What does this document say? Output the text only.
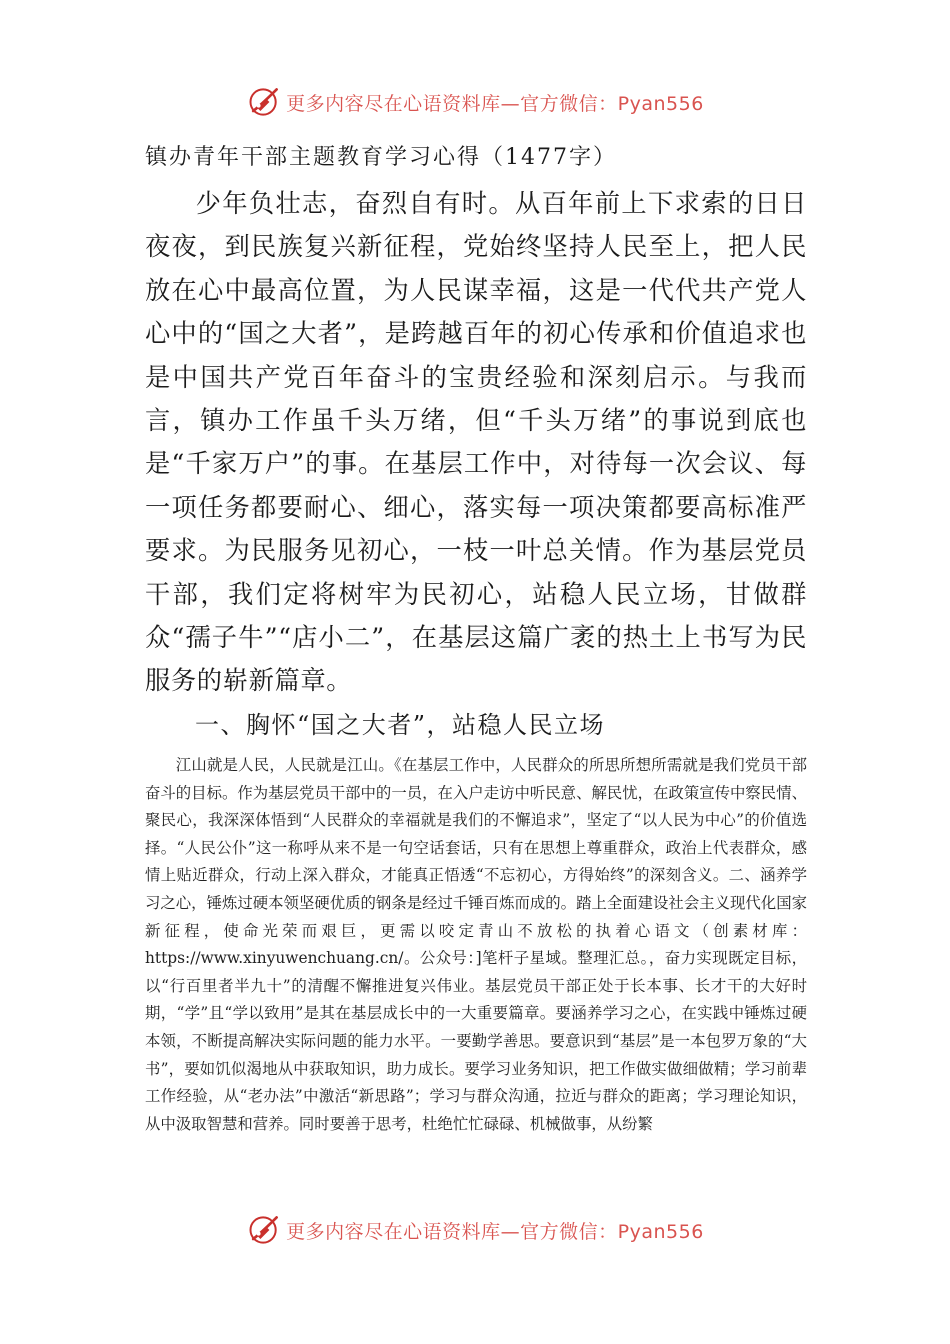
更多内容尽在心语资料库—官方微信：Pyan556
镇办青年干部主题教育学习心得（1477字）

少年负壮志，奋烈自有时。从百年前上下求索的日日夜夜，到民族复兴新征程，党始终坚持人民至上，把人民放在心中最高位置，为人民谋幸福，这是一代代共产党人心中的“国之大者”，是跨越百年的初心传承和价值追求也是中国共产党百年奋斗的宝贵经验和深刻启示。与我而言，镇办工作虽千头万绪，但“千头万绪”的事说到底也是“千家万户”的事。在基层工作中，对待每一次会议、每一项任务都要耐心、细心，落实每一项决策都要高标准严要求。为民服务见初心，一枝一叶总关情。作为基层党员干部，我们定将树牢为民初心，站稳人民立场，甘做群众“孺子牛”“店小二”，在基层这篇广袤的热土上书写为民服务的崭新篇章。

一、胸怀“国之大者”，站稳人民立场

江山就是人民，人民就是江山。《在基层工作中，人民群众的所思所想所需就是我们党员干部奋斗的目标。作为基层党员干部中的一员，在入户走访中听民意、解民忧，在政策宣传中察民情、聚民心，我深深体悟到“人民群众的幸福就是我们的不懈追求”，坚定了“以人民为中心”的价值选择。“人民公仆”这一称呼从来不是一句空话套话，只有在思想上尊重群众，政治上代表群众，感情上贴近群众，行动上深入群众，才能真正悟透“不忘初心，方得始终”的深刻含义。二、涵养学习之心，锤炼过硬本领坚硬优质的钢条是经过千锤百炼而成的。踏上全面建设社会主义现代化国家新征程，使命光荣而艰巨，更需以咬定青山不放松的执着心语文（创素材库：https://www.xinyuwenchuang.cn/。公众号：]笔杆子星域。整理汇总。，奋力实现既定目标，以“行百里者半九十”的清醒不懈推进复兴伟业。基层党员干部正处于长本事、长才干的大好时期，“学”且“学以致用”是其在基层成长中的一大重要篇章。要涵养学习之心，在实践中锤炼过硬本领，不断提高解决实际问题的能力水平。一要勤学善思。要意识到“基层”是一本包罗万象的“大书”，要如饥似渴地从中获取知识，助力成长。要学习业务知识，把工作做实做细做精；学习前辈工作经验，从“老办法”中激活“新思路”；学习与群众沟通，拉近与群众的距离；学习理论知识，从中汲取智慧和营养。同时要善于思考，杜绝忙忙碌碌、机械做事，从纷繁

更多内容尽在心语资料库—官方微信：Pyan556
